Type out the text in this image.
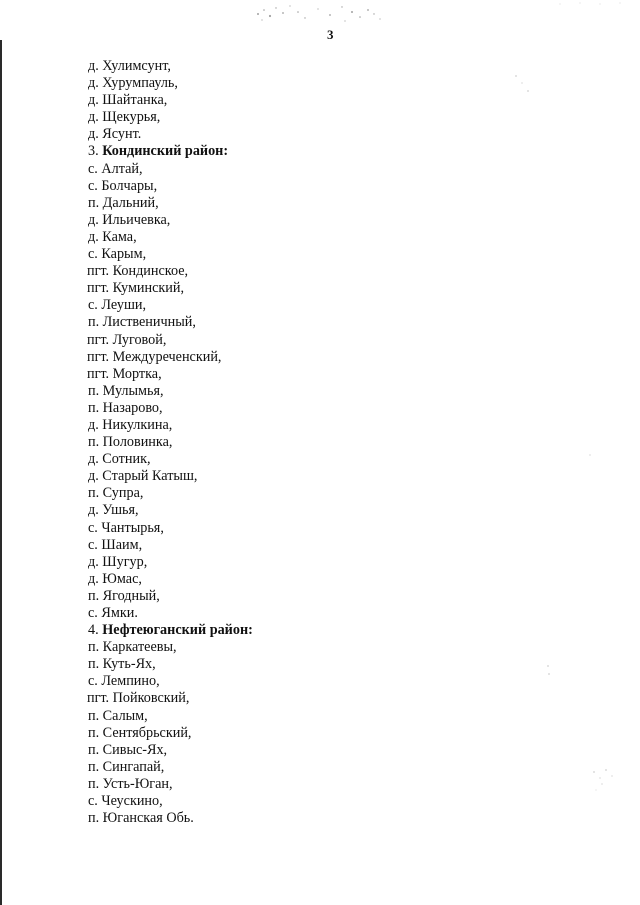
3
д. Хулимсунт,
д. Хурумпауль,
д. Шайтанка,
д. Щекурья,
д. Ясунт.
3. Кондинский район:
с. Алтай,
с. Болчары,
п. Дальний,
д. Ильичевка,
д. Кама,
с. Карым,
пгт. Кондинское,
пгт. Куминский,
с. Леуши,
п. Лиственичный,
пгт. Луговой,
пгт. Междуреченский,
пгт. Мортка,
п. Мулымья,
п. Назарово,
д. Никулкина,
п. Половинка,
д. Сотник,
д. Старый Катыш,
п. Супра,
д. Ушья,
с. Чантырья,
с. Шаим,
д. Шугур,
д. Юмас,
п. Ягодный,
с. Ямки.
4. Нефтеюганский район:
п. Каркатеевы,
п. Куть-Ях,
с. Лемпино,
пгт. Пойковский,
п. Салым,
п. Сентябрьский,
п. Сивыс-Ях,
п. Сингапай,
п. Усть-Юган,
с. Чеускино,
п. Юганская Обь.
